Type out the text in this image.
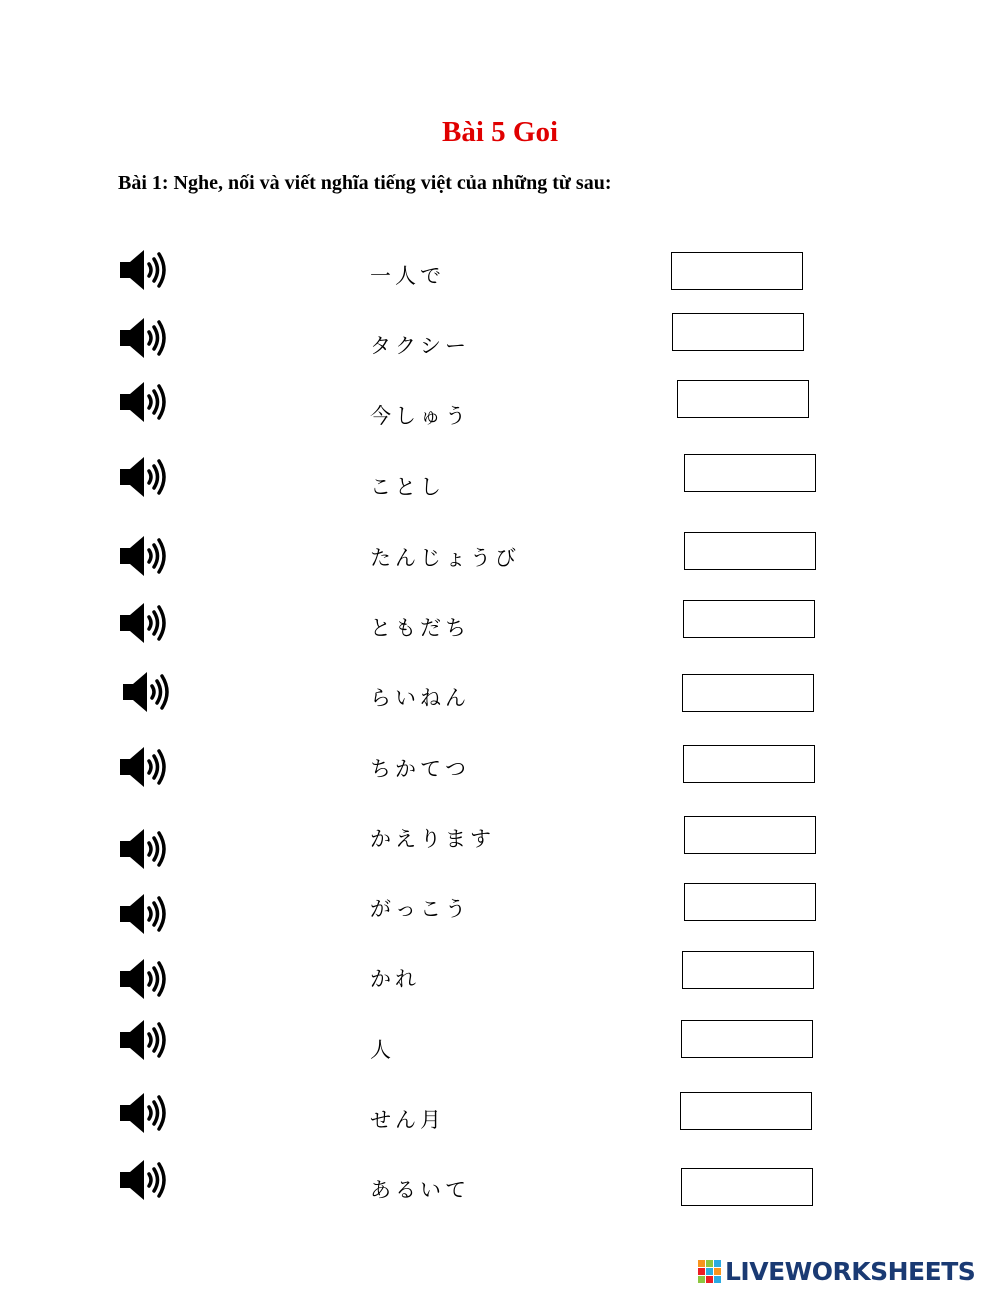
Bài 5 Goi
Bài 1: Nghe, nối và viết nghĩa tiếng việt của những từ sau:
一人で
タクシー
今しゅう
ことし
たんじょうび
ともだち
らいねん
ちかてつ
かえります
がっこう
かれ
人
せん月
あるいて
LIVEWORKSHEETS
